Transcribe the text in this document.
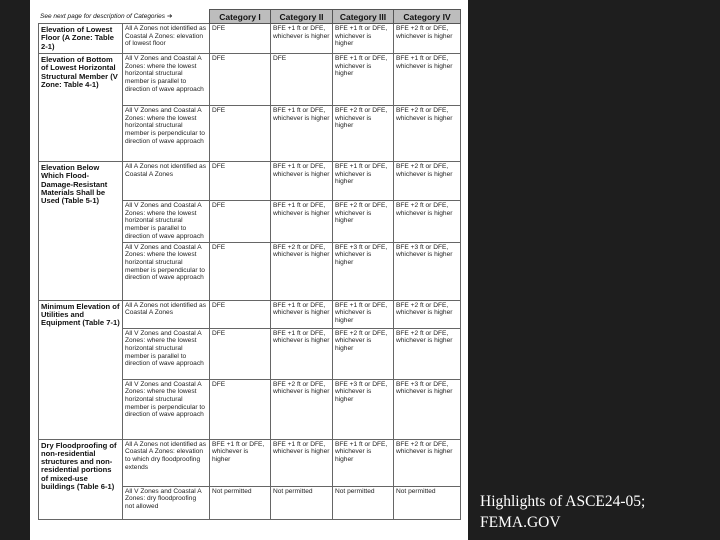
		Category I	Category II	Category III	Category IV
Elevation of Lowest Floor (A Zone: Table 2-1)	All A Zones not identified as Coastal A Zones: elevation of lowest floor	DFE	BFE +1 ft or DFE, whichever is higher	BFE +1 ft or DFE, whichever is higher	BFE +2 ft or DFE, whichever is higher
Elevation of Bottom of Lowest Horizontal Structural Member (V Zone: Table 4-1)	All V Zones and Coastal A Zones: where the lowest horizontal structural member is parallel to direction of wave approach	DFE	DFE	BFE +1 ft or DFE, whichever is higher	BFE +1 ft or DFE, whichever is higher
	All V Zones and Coastal A Zones: where the lowest horizontal structural member is perpendicular to direction of wave approach	DFE	BFE +1 ft or DFE, whichever is higher	BFE +2 ft or DFE, whichever is higher	BFE +2 ft or DFE, whichever is higher
Elevation Below Which Flood-Damage-Resistant Materials Shall be Used (Table 5-1)	All A Zones not identified as Coastal A Zones	DFE	BFE +1 ft or DFE, whichever is higher	BFE +1 ft or DFE, whichever is higher	BFE +2 ft or DFE, whichever is higher
	All V Zones and Coastal A Zones: where the lowest horizontal structural member is parallel to direction of wave approach	DFE	BFE +1 ft or DFE, whichever is higher	BFE +2 ft or DFE, whichever is higher	BFE +2 ft or DFE, whichever is higher
	All V Zones and Coastal A Zones: where the lowest horizontal structural member is perpendicular to direction of wave approach	DFE	BFE +2 ft or DFE, whichever is higher	BFE +3 ft or DFE, whichever is higher	BFE +3 ft or DFE, whichever is higher
Minimum Elevation of Utilities and Equipment (Table 7-1)	All A Zones not identified as Coastal A Zones	DFE	BFE +1 ft or DFE, whichever is higher	BFE +1 ft or DFE, whichever is higher	BFE +2 ft or DFE, whichever is higher
	All V Zones and Coastal A Zones: where the lowest horizontal structural member is parallel to direction of wave approach	DFE	BFE +1 ft or DFE, whichever is higher	BFE +2 ft or DFE, whichever is higher	BFE +2 ft or DFE, whichever is higher
	All V Zones and Coastal A Zones: where the lowest horizontal structural member is perpendicular to direction of wave approach	DFE	BFE +2 ft or DFE, whichever is higher	BFE +3 ft or DFE, whichever is higher	BFE +3 ft or DFE, whichever is higher
Dry Floodproofing of non-residential structures and non-residential portions of mixed-use buildings (Table 6-1)	All A Zones not identified as Coastal A Zones: elevation to which dry floodproofing extends	BFE +1 ft or DFE, whichever is higher	BFE +1 ft or DFE, whichever is higher	BFE +1 ft or DFE, whichever is higher	BFE +2 ft or DFE, whichever is higher
	All V Zones and Coastal A Zones: dry floodproofing not allowed	Not permitted	Not permitted	Not permitted	Not permitted
See next page for description of Categories ➔
Highlights of ASCE24-05;
FEMA.GOV
